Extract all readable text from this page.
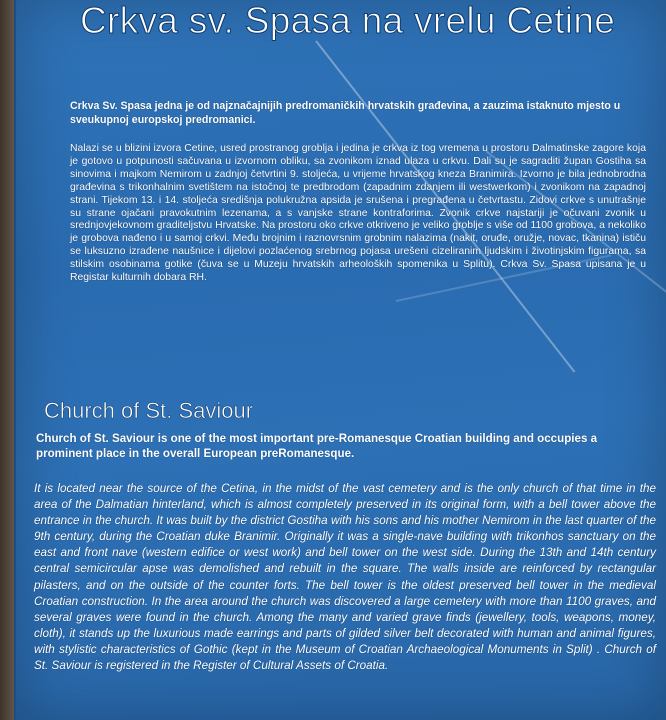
Crkva sv. Spasa na vrelu Cetine

Crkva Sv. Spasa jedna je od najznačajnijih predromaničkih hrvatskih građevina, a zauzima istaknuto mjesto u sveukupnoj europskoj predromanici.

Nalazi se u blizini izvora Cetine, usred prostranog groblja i jedina je crkva iz tog vremena u prostoru Dalmatinske zagore koja je gotovo u potpunosti sačuvana u izvornom obliku, sa zvonikom iznad ulaza u crkvu. Dali su je sagraditi župan Gostiha sa sinovima i majkom Nemirom u zadnjoj četvrtini 9. stoljeća, u vrijeme hrvatskog kneza Branimira. Izvorno je bila jednobrodna građevina s trikonhalnim svetištem na istočnoj te predbrodom (zapadnim zdanjem ili westwerkom) i zvonikom na zapadnoj strani. Tijekom 13. i 14. stoljeća središnja polukružna apsida je srušena i pregrađena u četvrtastu. Zidovi crkve s unutrašnje su strane ojačani pravokutnim lezenama, a s vanjske strane kontraforima. Zvonik crkve najstariji je očuvani zvonik u srednjovjekovnom graditeljstvu Hrvatske. Na prostoru oko crkve otkriveno je veliko groblje s više od 1100 grobova, a nekoliko je grobova nađeno i u samoj crkvi. Među brojnim i raznovrsnim grobnim nalazima (nakit, oruđe, oružje, novac, tkanina) ističu se luksuzno izrađene naušnice i dijelovi pozlaćenog srebrnog pojasa urešeni cizeliranim ljudskim i životinjskim figurama, sa stilskim osobinama gotike (čuva se u Muzeju hrvatskih arheoloških spomenika u Splitu). Crkva Sv. Spasa upisana je u Registar kulturnih dobara RH.

Church of St. Saviour

Church of St. Saviour is one of the most important pre-Romanesque Croatian building and occupies a prominent place in the overall European preRomanesque.

It is located near the source of the Cetina, in the midst of the vast cemetery and is the only church of that time in the area of the Dalmatian hinterland, which is almost completely preserved in its original form, with a bell tower above the entrance in the church. It was built by the district Gostiha with his sons and his mother Nemirom in the last quarter of the 9th century, during the Croatian duke Branimir. Originally it was a single-nave building with trikonhos sanctuary on the east and front nave (western edifice or west work) and bell tower on the west side. During the 13th and 14th century central semicircular apse was demolished and rebuilt in the square. The walls inside are reinforced by rectangular pilasters, and on the outside of the counter forts. The bell tower is the oldest preserved bell tower in the medieval Croatian construction. In the area around the church was discovered a large cemetery with more than 1100 graves, and several graves were found in the church. Among the many and varied grave finds (jewellery, tools, weapons, money, cloth), it stands up the luxurious made earrings and parts of gilded silver belt decorated with human and animal figures, with stylistic characteristics of Gothic (kept in the Museum of Croatian Archaeological Monuments in Split) . Church of St. Saviour is registered in the Register of Cultural Assets of Croatia.
